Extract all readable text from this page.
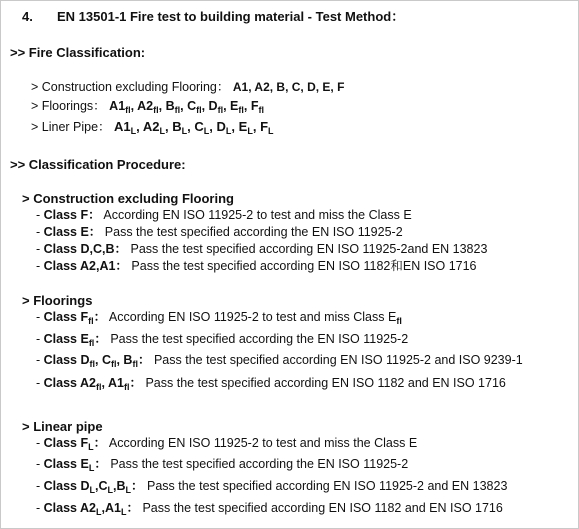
4. EN 13501-1 Fire test to building material - Test Method：
>> Fire Classification:
> Construction excluding Flooring： A1, A2, B, C, D, E, F
> Floorings： $A1_{fl}$, $A2_{fl}$, $B_{fl}$, $C_{fl}$, $D_{fl}$, $E_{fl}$, $F_{fl}$
> Liner Pipe： $A1_L$, $A2_L$, $B_L$, $C_L$, $D_L$, $E_L$, $F_L$
>> Classification Procedure:
> Construction excluding Flooring
- Class F： According EN ISO 11925-2 to test and miss the Class E
- Class E： Pass the test specified according the EN ISO 11925-2
- Class D,C,B： Pass the test specified according EN ISO 11925-2and EN 13823
- Class A2,A1： Pass the test specified according EN ISO 1182和EN ISO 1716
> Floorings
- Class $F_{fl}$： According EN ISO 11925-2 to test and miss Class $E_{fl}$
- Class $E_{fl}$： Pass the test specified according the EN ISO 11925-2
- Class $D_{fl}$, $C_{fl}$, $B_{fl}$： Pass the test specified according EN ISO 11925-2 and ISO 9239-1
- Class $A2_{fl}$, $A1_{fl}$： Pass the test specified according EN ISO 1182 and EN ISO 1716
> Linear pipe
- Class $F_L$： According EN ISO 11925-2 to test and miss the Class E
- Class $E_L$： Pass the test specified according the EN ISO 11925-2
- Class $D_L,C_L,B_L$： Pass the test specified according EN ISO 11925-2 and EN 13823
- Class $A2_L,A1_L$： Pass the test specified according EN ISO 1182 and EN ISO 1716
